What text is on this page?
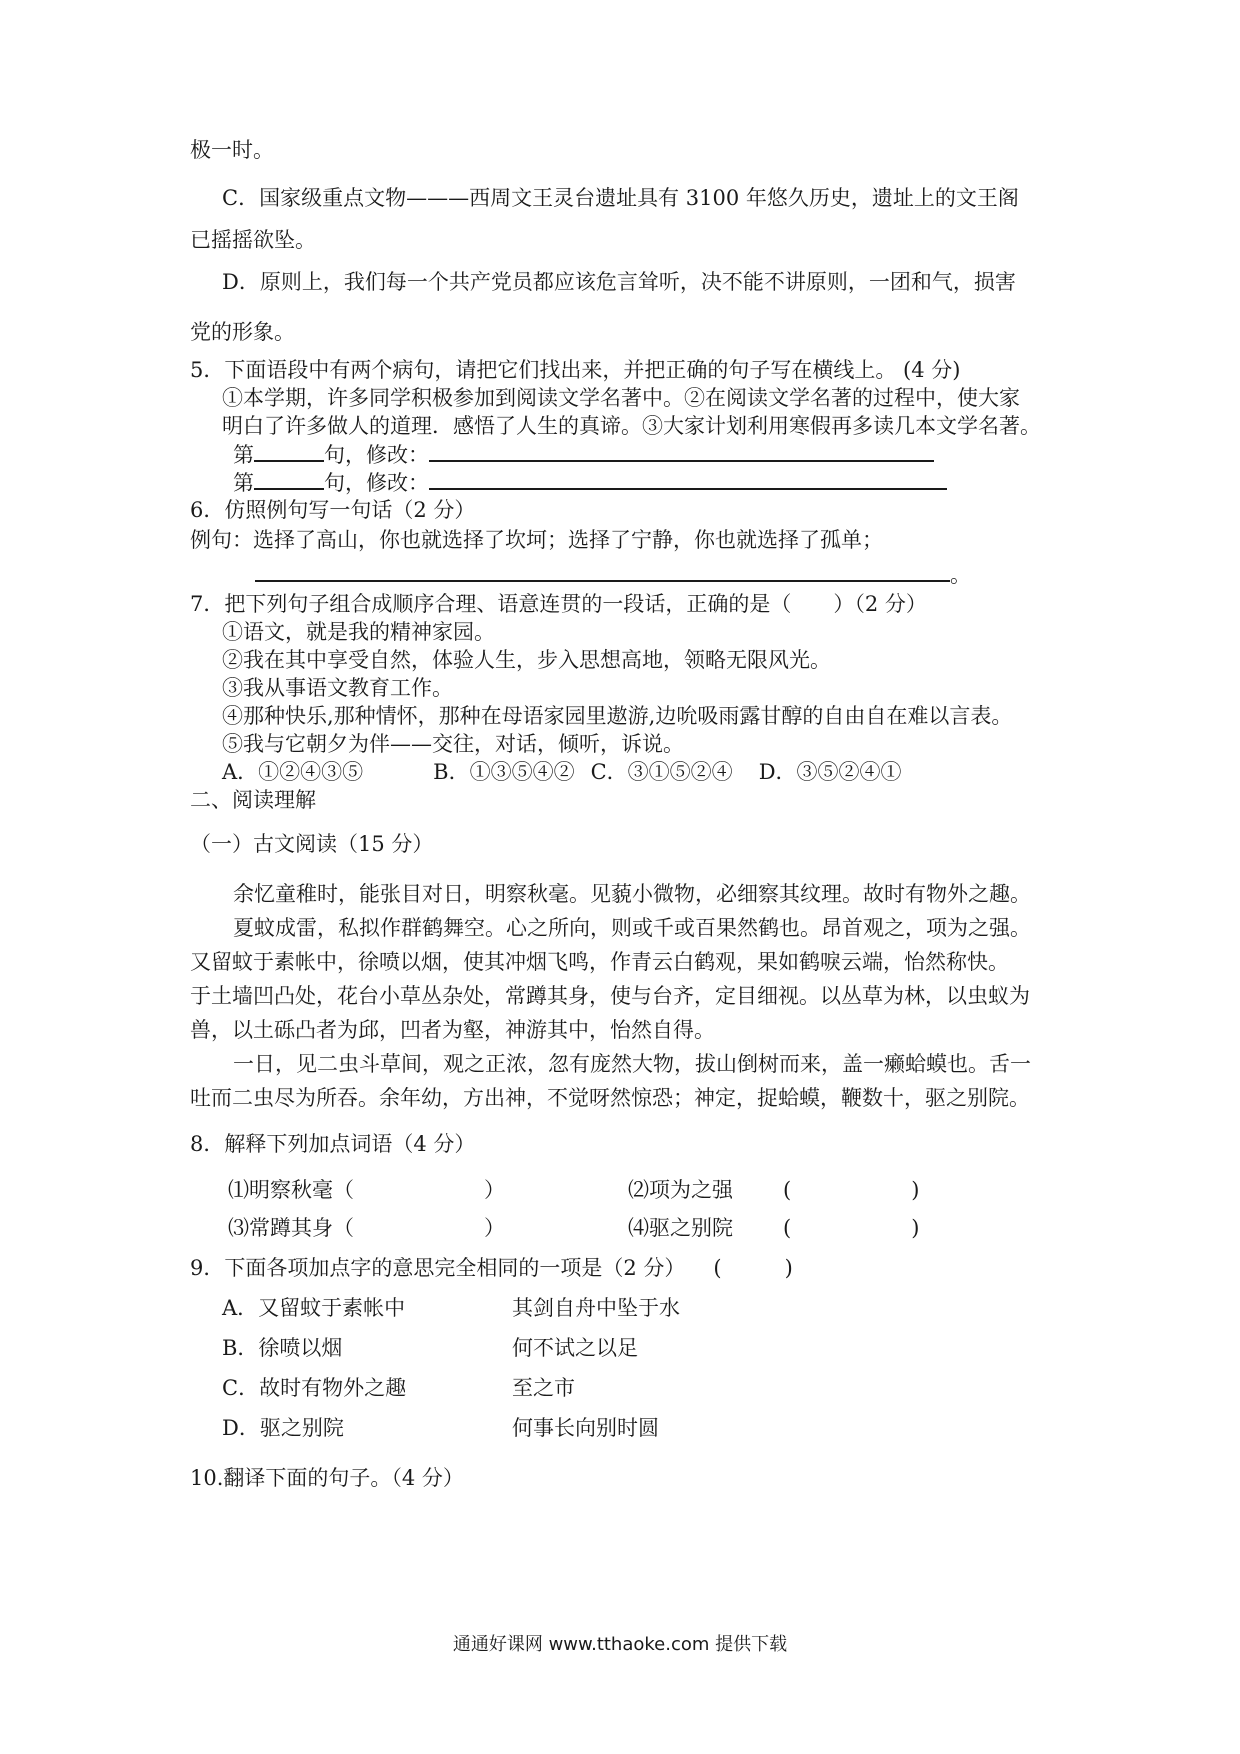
极一时。
C．国家级重点文物———西周文王灵台遗址具有 3100 年悠久历史，遗址上的文王阁
已摇摇欲坠。
D．原则上，我们每一个共产党员都应该危言耸听，决不能不讲原则，一团和气，损害
党的形象。
5．下面语段中有两个病句，请把它们找出来，并把正确的句子写在横线上。 (4 分)
①本学期，许多同学积极参加到阅读文学名著中。②在阅读文学名著的过程中，使大家
明白了许多做人的道理．感悟了人生的真谛。③大家计划利用寒假再多读几本文学名著。
第	句，修改：
第	句，修改：
6．仿照例句写一句话（2 分）
例句：选择了高山，你也就选择了坎坷；选择了宁静，你也就选择了孤单；
。
7．把下列句子组合成顺序合理、语意连贯的一段话，正确的是（　　）（2 分）
①语文，就是我的精神家园。
②我在其中享受自然，体验人生，步入思想高地，领略无限风光。
③我从事语文教育工作。
④那种快乐,那种情怀，那种在母语家园里遨游,边吮吸雨露甘醇的自由自在难以言表。
⑤我与它朝夕为伴——交往，对话，倾听，诉说。
A．①②④③⑤	B．①③⑤④② C．③①⑤②④ D．③⑤②④①
二、阅读理解
（一）古文阅读（15 分）
余忆童稚时，能张目对日，明察秋毫。见藐小微物，必细察其纹理。故时有物外之趣。
夏蚊成雷，私拟作群鹤舞空。心之所向，则或千或百果然鹤也。昂首观之，项为之强。
又留蚊于素帐中，徐喷以烟，使其冲烟飞鸣，作青云白鹤观，果如鹤唳云端，怡然称快。
于土墙凹凸处，花台小草丛杂处，常蹲其身，使与台齐，定目细视。以丛草为林，以虫蚁为
兽，以土砾凸者为邱，凹者为壑，神游其中，怡然自得。
一日，见二虫斗草间，观之正浓，忽有庞然大物，拔山倒树而来，盖一癞蛤蟆也。舌一
吐而二虫尽为所吞。余年幼，方出神，不觉呀然惊恐；神定，捉蛤蟆，鞭数十，驱之别院。
8．解释下列加点词语（4 分）
⑴明察秋毫（	）	⑵项为之强 (	)
⑶常蹲其身（	）	⑷驱之别院 (	)
9．下面各项加点字的意思完全相同的一项是（2 分） (　　　)
A．又留蚊于素帐中	其剑自舟中坠于水
B．徐喷以烟	何不试之以足
C．故时有物外之趣	至之市
D．驱之别院	何事长向别时圆
10.翻译下面的句子。（4 分）
通通好课网 www.tthaoke.com 提供下载
